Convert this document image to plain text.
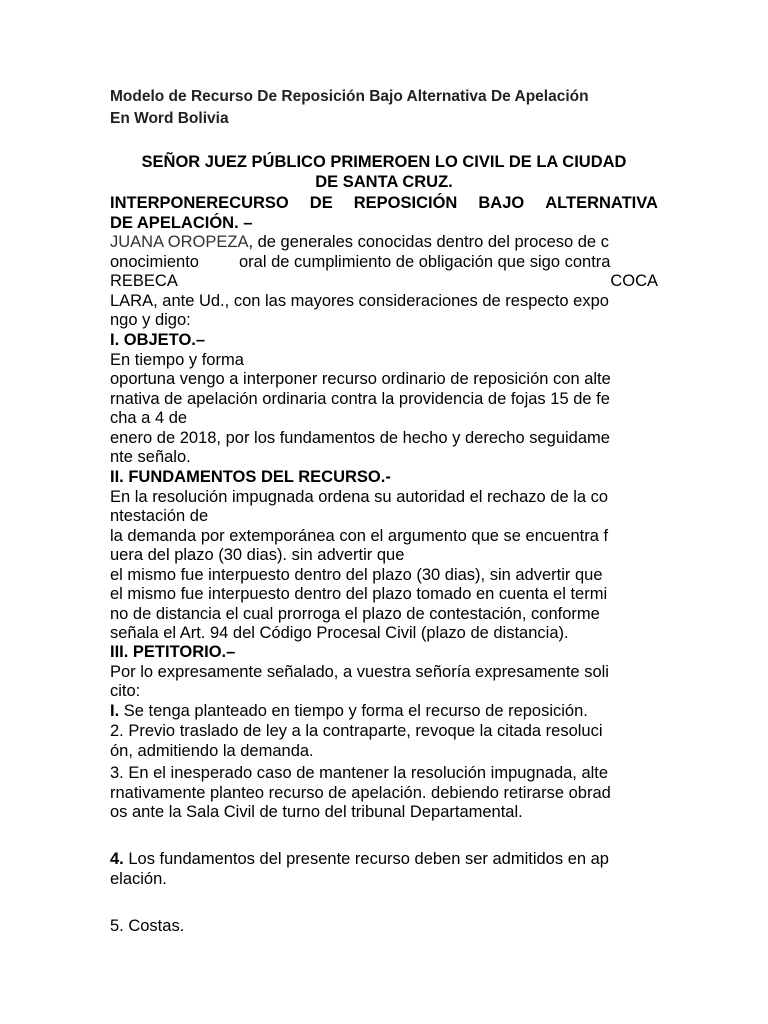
Modelo de Recurso De Reposición Bajo Alternativa De Apelación
En Word Bolivia
SEÑOR JUEZ PÚBLICO PRIMEROEN LO CIVIL DE LA CIUDAD
DE SANTA CRUZ.
INTERPONERECURSO DE REPOSICIÓN BAJO ALTERNATIVA
DE APELACIÓN. –
JUANA OROPEZA, de generales conocidas dentro del proceso de c
onocimiento oral de cumplimiento de obligación que sigo contra
REBECA	COCA
LARA, ante Ud., con las mayores consideraciones de respecto expo
ngo y digo:
I. OBJETO.–
En tiempo y forma
oportuna vengo a interponer recurso ordinario de reposición con alte
rnativa de apelación ordinaria contra la providencia de fojas 15 de fe
cha a 4 de
enero de 2018, por los fundamentos de hecho y derecho seguidame
nte señalo.
II. FUNDAMENTOS DEL RECURSO.-
En la resolución impugnada ordena su autoridad el rechazo de la co
ntestación de
la demanda por extemporánea con el argumento que se encuentra f
uera del plazo (30 dias). sin advertir que
el mismo fue interpuesto dentro del plazo (30 dias), sin advertir que
el mismo fue interpuesto dentro del plazo tomado en cuenta el termi
no de distancia el cual prorroga el plazo de contestación, conforme
señala el Art. 94 del Código Procesal Civil (plazo de distancia).
III. PETITORIO.–
Por lo expresamente señalado, a vuestra señoría expresamente soli
cito:
I. Se tenga planteado en tiempo y forma el recurso de reposición.
2. Previo traslado de ley a la contraparte, revoque la citada resoluci
ón, admitiendo la demanda.
3. En el inesperado caso de mantener la resolución impugnada, alte
rnativamente planteo recurso de apelación. debiendo retirarse obrad
os ante la Sala Civil de turno del tribunal Departamental.
4. Los fundamentos del presente recurso deben ser admitidos en ap
elación.
5. Costas.
